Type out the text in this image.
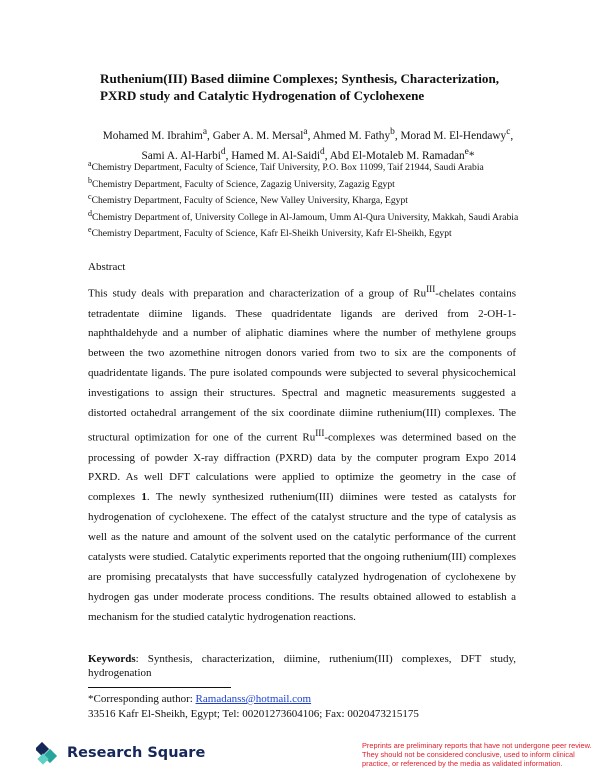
Ruthenium(III) Based diimine Complexes; Synthesis, Characterization,
PXRD study and Catalytic Hydrogenation of Cyclohexene
Mohamed M. Ibrahim$^a$, Gaber A. M. Mersal$^a$, Ahmed M. Fathy$^b$, Morad M. El-Hendawy$^c$,
Sami A. Al-Harbi$^d$, Hamed M. Al-Saidi$^d$, Abd El-Motaleb M. Ramadan$^e$*

$^a$Chemistry Department, Faculty of Science, Taif University, P.O. Box 11099, Taif 21944, Saudi Arabia

$^b$Chemistry Department, Faculty of Science, Zagazig University, Zagazig Egypt

$^c$Chemistry Department, Faculty of Science, New Valley University, Kharga, Egypt

$^d$Chemistry Department of, University College in Al-Jamoum, Umm Al-Qura University, Makkah, Saudi Arabia

$^e$Chemistry Department, Faculty of Science, Kafr El-Sheikh University, Kafr El-Sheikh, Egypt

Abstract

This study deals with preparation and characterization of a group of $Ru^{III}$-chelates contains tetradentate diimine ligands. These quadridentate ligands are derived from 2-OH-1-naphthaldehyde and a number of aliphatic diamines where the number of methylene groups between the two azomethine nitrogen donors varied from two to six are the components of quadridentate ligands. The pure isolated compounds were subjected to several physicochemical investigations to assign their structures. Spectral and magnetic measurements suggested a distorted octahedral arrangement of the six coordinate diimine ruthenium(III) complexes. The structural optimization for one of the current $Ru^{III}$-complexes was determined based on the processing of powder X-ray diffraction (PXRD) data by the computer program Expo 2014 PXRD. As well DFT calculations were applied to optimize the geometry in the case of complexes 1. The newly synthesized ruthenium(III) diimines were tested as catalysts for hydrogenation of cyclohexene. The effect of the catalyst structure and the type of catalysis as well as the nature and amount of the solvent used on the catalytic performance of the current catalysts were studied. Catalytic experiments reported that the ongoing ruthenium(III) complexes are promising precatalysts that have successfully catalyzed hydrogenation of cyclohexene by hydrogen gas under moderate process conditions. The results obtained allowed to establish a mechanism for the studied catalytic hydrogenation reactions.

Keywords: Synthesis, characterization, diimine, ruthenium(III) complexes, DFT study, hydrogenation

*Corresponding author: Ramadanss@hotmail.com

33516 Kafr El-Sheikh, Egypt; Tel: 00201273604106; Fax: 0020473215175

Research Square	Preprints are preliminary reports that have not undergone peer review. They should not be considered conclusive, used to inform clinical practice, or referenced by the media as validated information.
